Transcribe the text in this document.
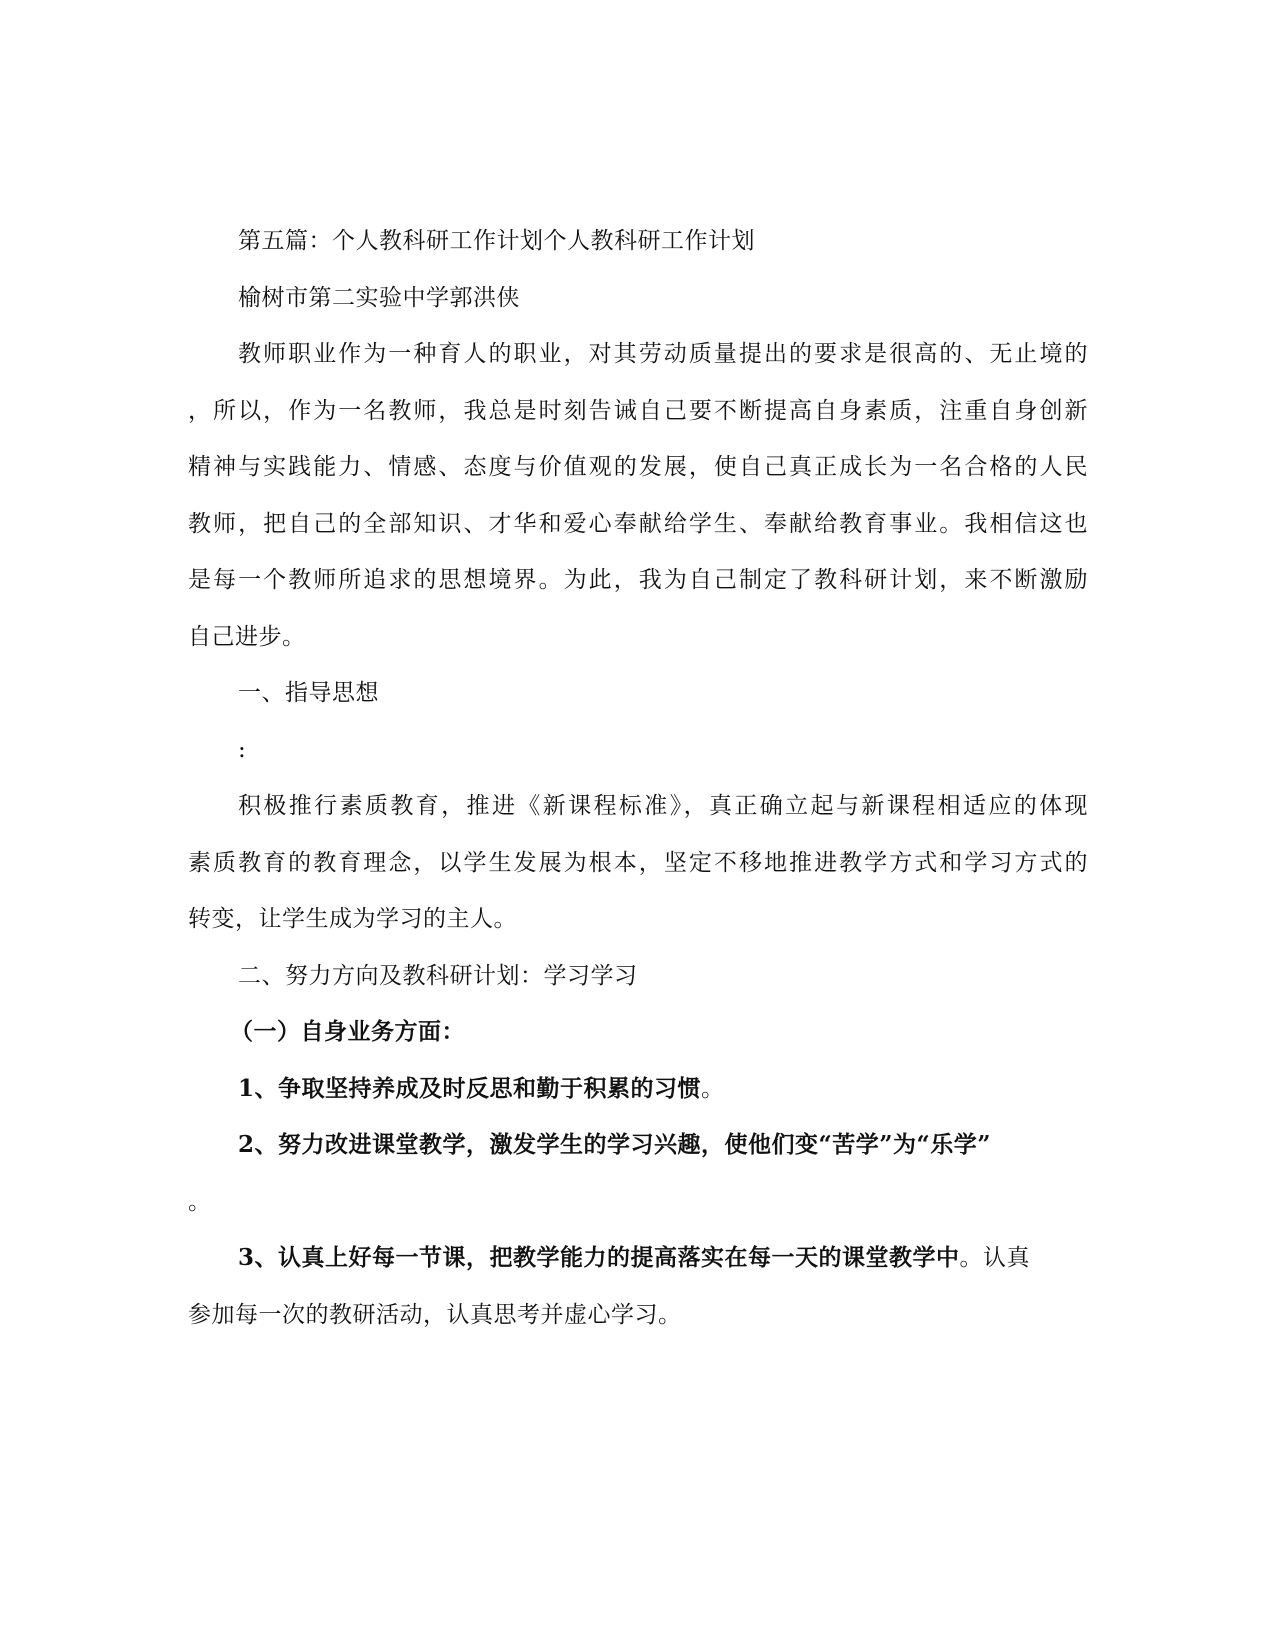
第五篇：个人教科研工作计划个人教科研工作计划
榆树市第二实验中学郭洪侠
教师职业作为一种育人的职业，对其劳动质量提出的要求是很高的、无止境的
，所以，作为一名教师，我总是时刻告诫自己要不断提高自身素质，注重自身创新
精神与实践能力、情感、态度与价值观的发展，使自己真正成长为一名合格的人民
教师，把自己的全部知识、才华和爱心奉献给学生、奉献给教育事业。我相信这也
是每一个教师所追求的思想境界。为此，我为自己制定了教科研计划，来不断激励
自己进步。
一、指导思想
:
积极推行素质教育，推进《新课程标准》，真正确立起与新课程相适应的体现
素质教育的教育理念，以学生发展为根本，坚定不移地推进教学方式和学习方式的
转变，让学生成为学习的主人。
二、努力方向及教科研计划：学习学习
（一）自身业务方面：
1、争取坚持养成及时反思和勤于积累的习惯。
2、努力改进课堂教学，激发学生的学习兴趣，使他们变“苦学”为“乐学”
。
3、认真上好每一节课，把教学能力的提高落实在每一天的课堂教学中。认真
参加每一次的教研活动，认真思考并虚心学习。
